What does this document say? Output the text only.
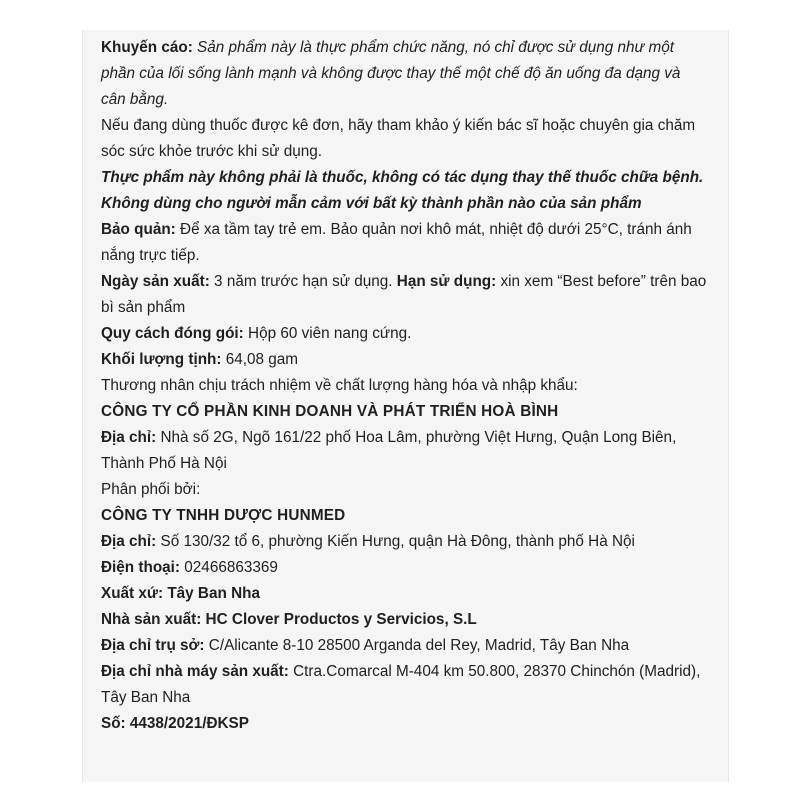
Khuyến cáo: Sản phẩm này là thực phẩm chức năng, nó chỉ được sử dụng như một phần của lối sống lành mạnh và không được thay thế một chế độ ăn uống đa dạng và cân bằng.

Nếu đang dùng thuốc được kê đơn, hãy tham khảo ý kiến bác sĩ hoặc chuyên gia chăm sóc sức khỏe trước khi sử dụng.

Thực phẩm này không phải là thuốc, không có tác dụng thay thế thuốc chữa bệnh.

Không dùng cho người mẫn cảm với bất kỳ thành phần nào của sản phẩm

Bảo quản: Để xa tầm tay trẻ em. Bảo quản nơi khô mát, nhiệt độ dưới 25°C, tránh ánh nắng trực tiếp.

Ngày sản xuất: 3 năm trước hạn sử dụng. Hạn sử dụng: xin xem “Best before” trên bao bì sản phẩm

Quy cách đóng gói: Hộp 60 viên nang cứng.

Khối lượng tịnh: 64,08 gam

Thương nhân chịu trách nhiệm về chất lượng hàng hóa và nhập khẩu:

CÔNG TY CỔ PHẦN KINH DOANH VÀ PHÁT TRIỂN HOÀ BÌNH

Địa chỉ: Nhà số 2G, Ngõ 161/22 phố Hoa Lâm, phường Việt Hưng, Quận Long Biên, Thành Phố Hà Nội

Phân phối bởi:

CÔNG TY TNHH DƯỢC HUNMED

Địa chỉ: Số 130/32 tổ 6, phường Kiến Hưng, quận Hà Đông, thành phố Hà Nội

Điện thoại: 02466863369

Xuất xứ: Tây Ban Nha

Nhà sản xuất: HC Clover Productos y Servicios, S.L

Địa chỉ trụ sở: C/Alicante 8-10 28500 Arganda del Rey, Madrid, Tây Ban Nha

Địa chỉ nhà máy sản xuất: Ctra.Comarcal M-404 km 50.800, 28370 Chinchón (Madrid), Tây Ban Nha

Số: 4438/2021/ĐKSP
